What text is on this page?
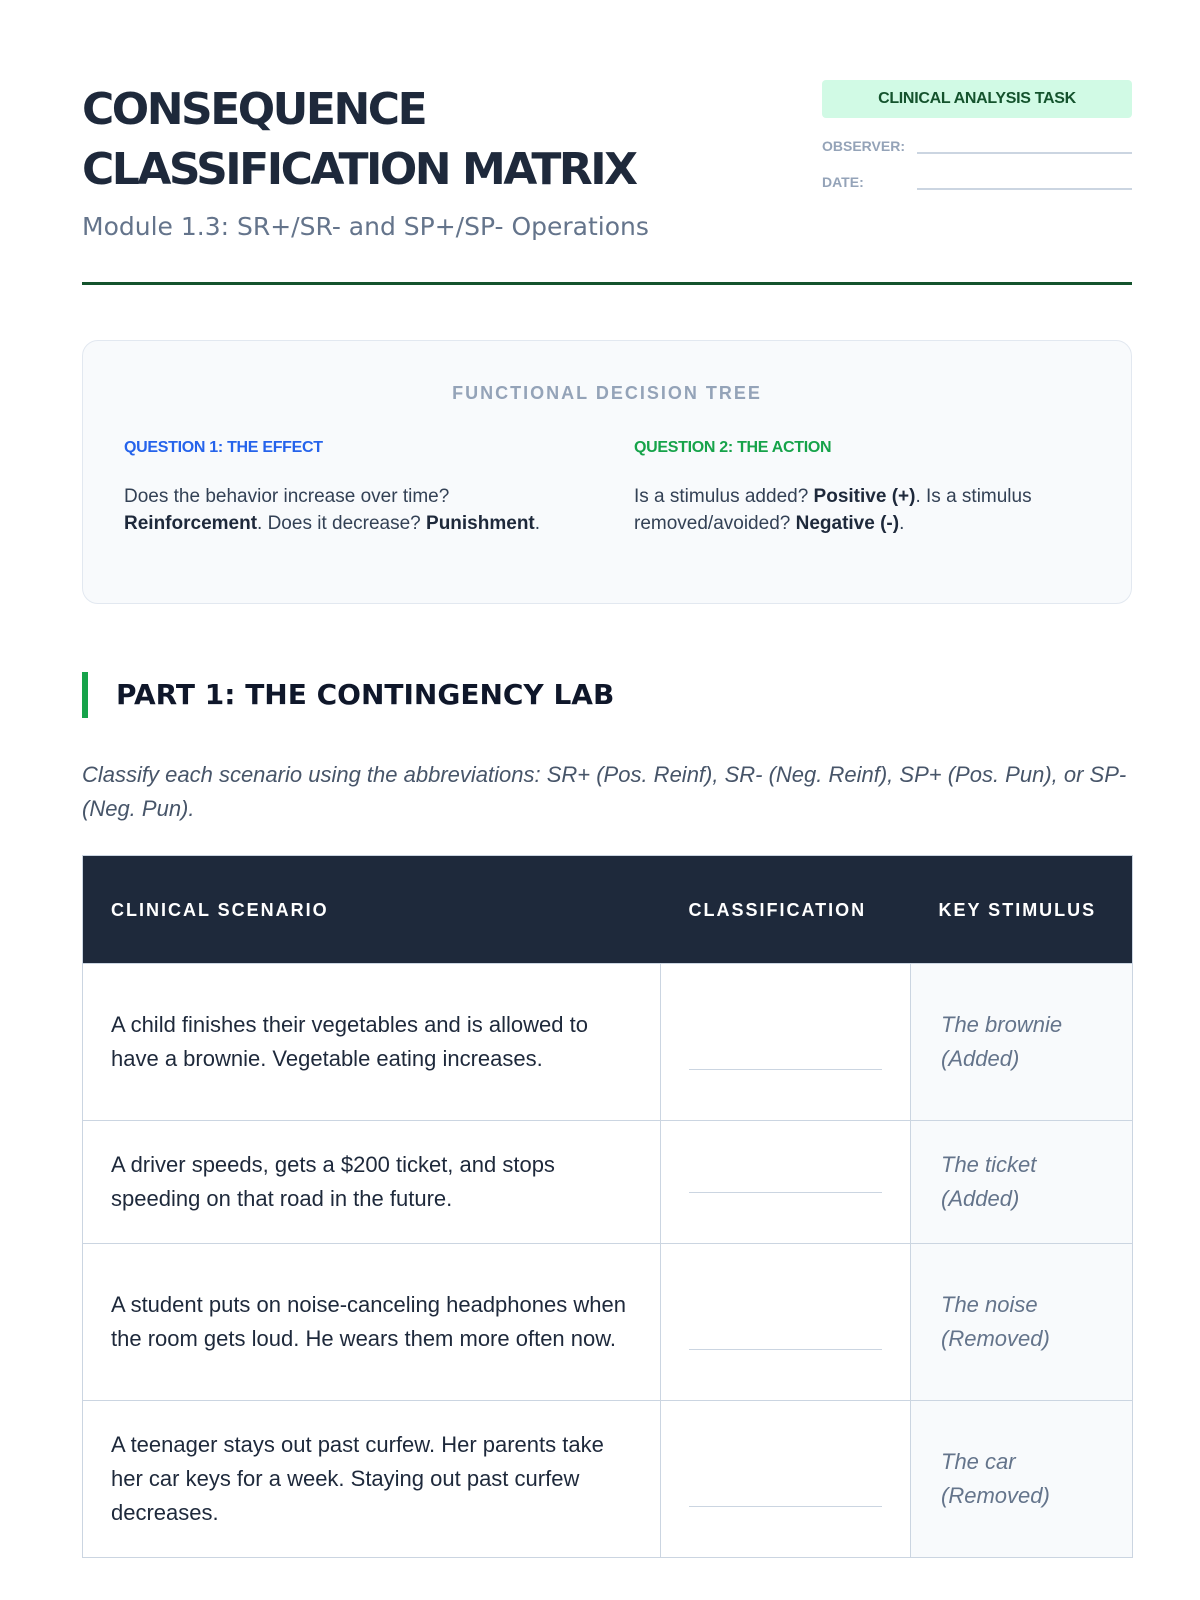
CONSEQUENCE
CLASSIFICATION MATRIX
Module 1.3: SR+/SR- and SP+/SP- Operations
CLINICAL ANALYSIS TASK
OBSERVER:
DATE:
FUNCTIONAL DECISION TREE
QUESTION 1: THE EFFECT

Does the behavior increase over time? Reinforcement. Does it decrease? Punishment.

QUESTION 2: THE ACTION

Is a stimulus added? Positive (+). Is a stimulus removed/avoided? Negative (-).

PART 1: THE CONTINGENCY LAB

Classify each scenario using the abbreviations: SR+ (Pos. Reinf), SR- (Neg. Reinf), SP+ (Pos. Pun), or SP- (Neg. Pun).

CLINICAL SCENARIO	CLASSIFICATION	KEY STIMULUS
A child finishes their vegetables and is allowed to have a brownie. Vegetable eating increases.		The brownie (Added)
A driver speeds, gets a $200 ticket, and stops speeding on that road in the future.		The ticket (Added)
A student puts on noise-canceling headphones when the room gets loud. He wears them more often now.		The noise (Removed)
A teenager stays out past curfew. Her parents take her car keys for a week. Staying out past curfew decreases.		The car (Removed)
